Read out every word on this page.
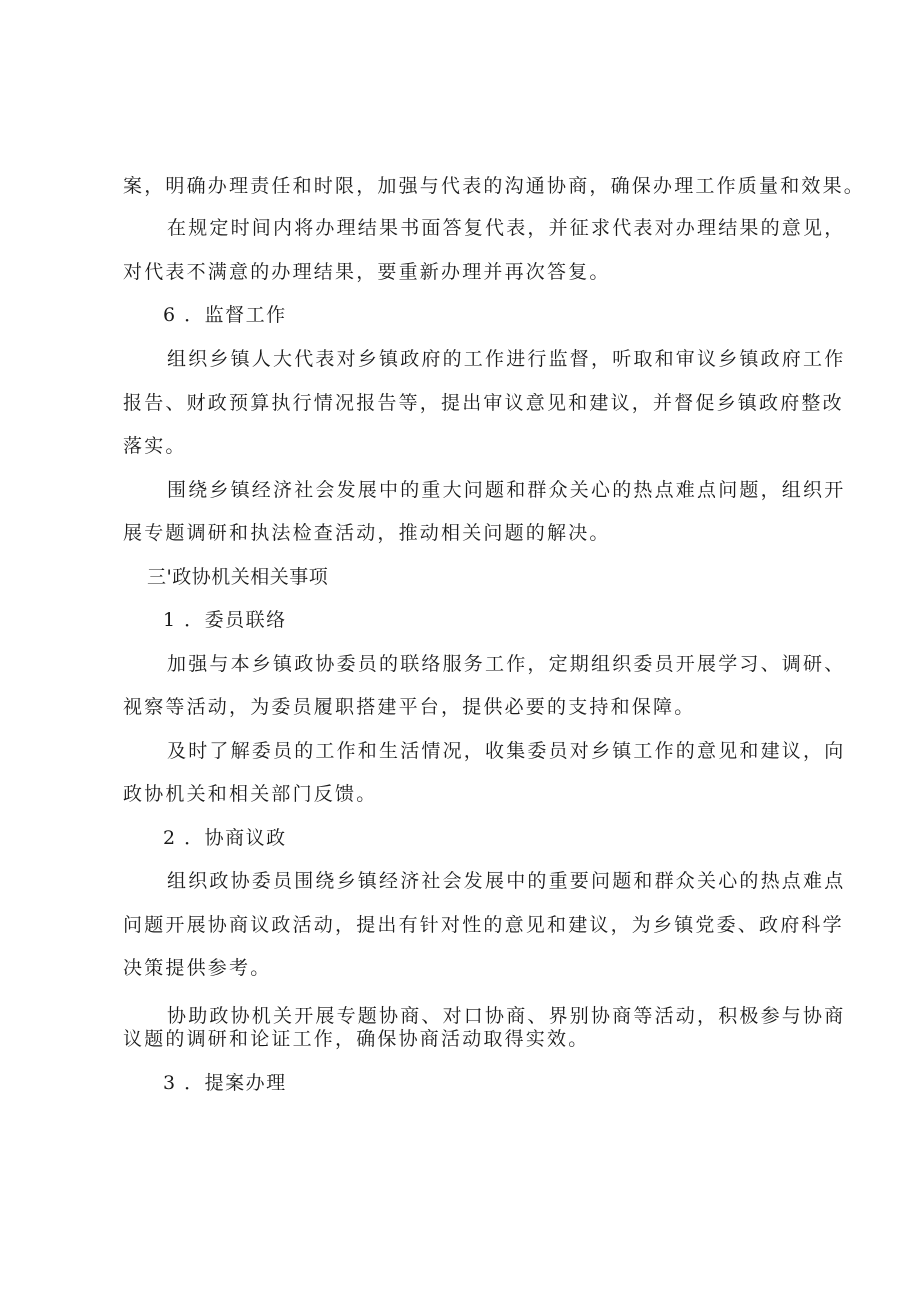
案，明确办理责任和时限，加强与代表的沟通协商，确保办理工作质量和效果。
在规定时间内将办理结果书面答复代表，并征求代表对办理结果的意见，
对代表不满意的办理结果，要重新办理并再次答复。
6 ．监督工作
组织乡镇人大代表对乡镇政府的工作进行监督，听取和审议乡镇政府工作
报告、财政预算执行情况报告等，提出审议意见和建议，并督促乡镇政府整改
落实。
围绕乡镇经济社会发展中的重大问题和群众关心的热点难点问题，组织开
展专题调研和执法检查活动，推动相关问题的解决。
三'政协机关相关事项
1 ．委员联络
加强与本乡镇政协委员的联络服务工作，定期组织委员开展学习、调研、
视察等活动，为委员履职搭建平台，提供必要的支持和保障。
及时了解委员的工作和生活情况，收集委员对乡镇工作的意见和建议，向
政协机关和相关部门反馈。
2 ．协商议政
组织政协委员围绕乡镇经济社会发展中的重要问题和群众关心的热点难点
问题开展协商议政活动，提出有针对性的意见和建议，为乡镇党委、政府科学
决策提供参考。
协助政协机关开展专题协商、对口协商、界别协商等活动，积极参与协商
议题的调研和论证工作，确保协商活动取得实效。
3 ．提案办理
